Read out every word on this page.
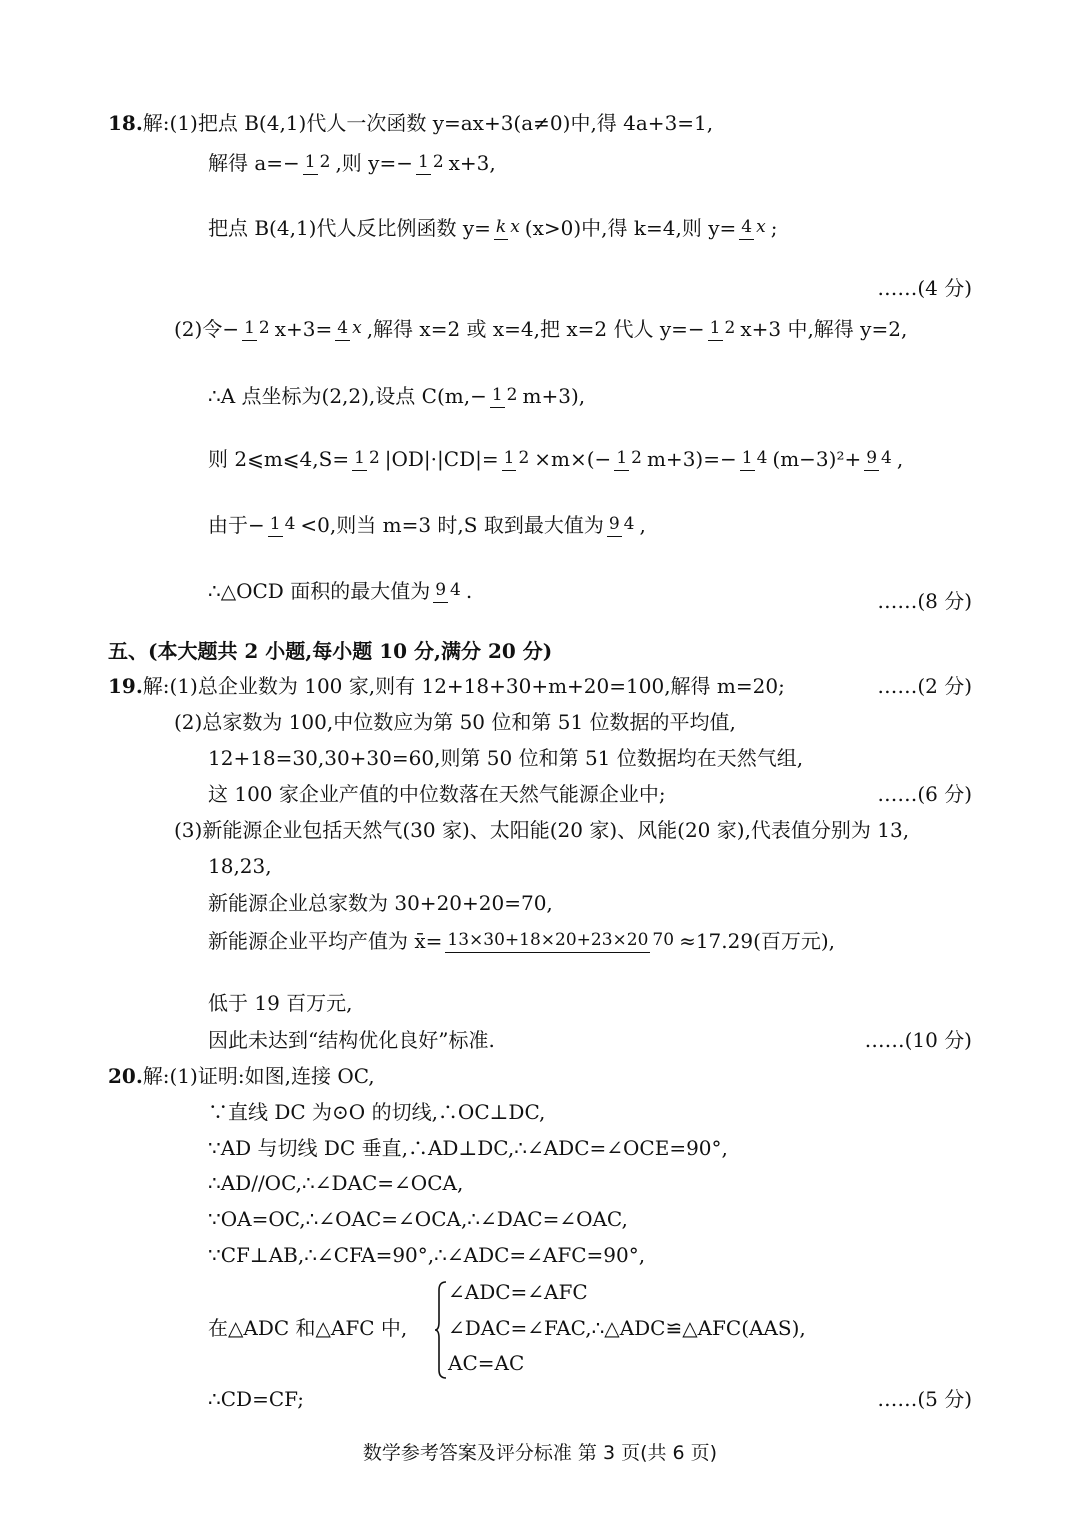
18. 解:(1)把点 B(4,1)代人一次函数 y=ax+3(a≠0)中,得 4a+3=1,
解得 a=− 1 2 ,则 y=− 1 2 x+3,
把点 B(4,1)代人反比例函数 y= k x (x>0)中,得 k=4,则 y= 4 x ;
……(4 分)
(2)令− 1 2 x+3= 4 x ,解得 x=2 或 x=4,把 x=2 代人 y=− 1 2 x+3 中,解得 y=2,
∴A 点坐标为(2,2),设点 C(m,− 1 2 m+3),
则 2⩽m⩽4,S= 1 2 |OD|·|CD|= 1 2 ×m×(− 1 2 m+3)=− 1 4 (m−3)²+ 9 4 ,
由于− 1 4 <0,则当 m=3 时,S 取到最大值为 9 4 ,
∴△OCD 面积的最大值为 9 4 .	……(8 分)
五、(本大题共 2 小题,每小题 10 分,满分 20 分)
19. 解:(1)总企业数为 100 家,则有 12+18+30+m+20=100,解得 m=20;	……(2 分)
(2)总家数为 100,中位数应为第 50 位和第 51 位数据的平均值,
12+18=30,30+30=60,则第 50 位和第 51 位数据均在天然气组,
这 100 家企业产值的中位数落在天然气能源企业中;	……(6 分)
(3)新能源企业包括天然气(30 家)、太阳能(20 家)、风能(20 家),代表值分别为 13,
18,23,
新能源企业总家数为 30+20+20=70,
新能源企业平均产值为 x̄= 13×30+18×20+23×20 70 ≈17.29(百万元),
低于 19 百万元,
因此未达到“结构优化良好”标准.	……(10 分)
20. 解:(1)证明:如图,连接 OC,
∵直线 DC 为⊙O 的切线,∴OC⊥DC,
∵AD 与切线 DC 垂直,∴AD⊥DC,∴∠ADC=∠OCE=90°,
∴AD//OC,∴∠DAC=∠OCA,
∵OA=OC,∴∠OAC=∠OCA,∴∠DAC=∠OAC,
∵CF⊥AB,∴∠CFA=90°,∴∠ADC=∠AFC=90°,
在△ADC 和△AFC 中,
∠ADC=∠AFC
∠DAC=∠FAC,∴△ADC≌△AFC(AAS),
AC=AC
∴CD=CF;	……(5 分)
数学参考答案及评分标准 第 3 页(共 6 页)
